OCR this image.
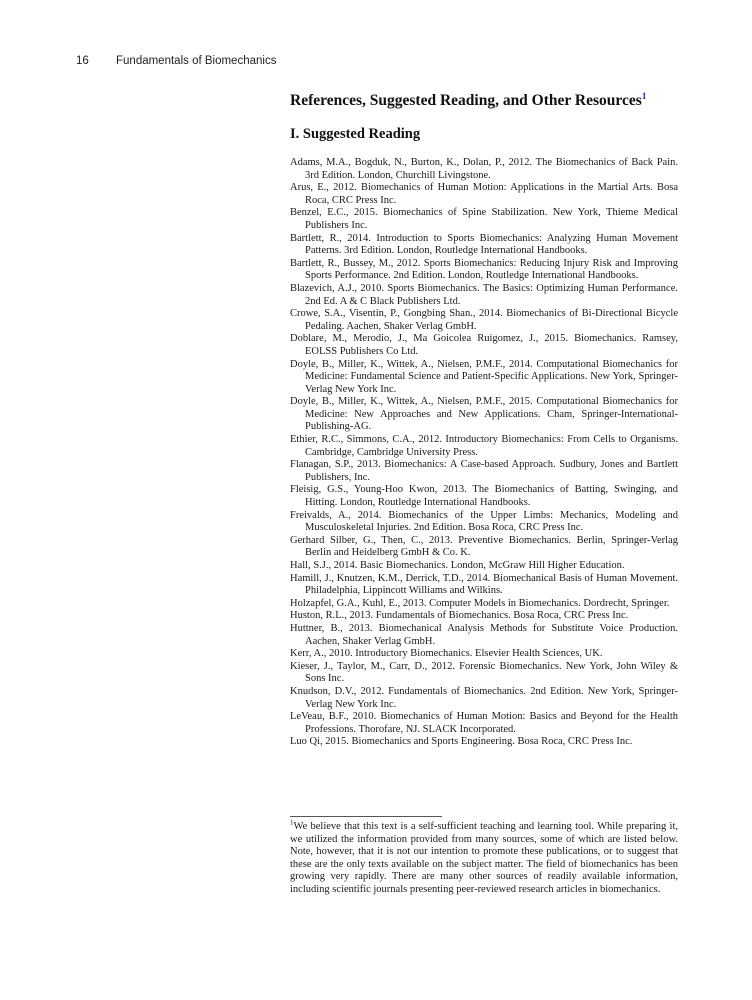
16 Fundamentals of Biomechanics
References, Suggested Reading, and Other Resources$^1$
I. Suggested Reading
Adams, M.A., Bogduk, N., Burton, K., Dolan, P., 2012. The Biomechanics of Back Pain. 3rd Edition. London, Churchill Livingstone.
Arus, E., 2012. Biomechanics of Human Motion: Applications in the Martial Arts. Bosa Roca, CRC Press Inc.
Benzel, E.C., 2015. Biomechanics of Spine Stabilization. New York, Thieme Medical Publishers Inc.
Bartlett, R., 2014. Introduction to Sports Biomechanics: Analyzing Human Movement Patterns. 3rd Edition. London, Routledge International Handbooks.
Bartlett, R., Bussey, M., 2012. Sports Biomechanics: Reducing Injury Risk and Improving Sports Performance. 2nd Edition. London, Routledge International Handbooks.
Blazevich, A.J., 2010. Sports Biomechanics. The Basics: Optimizing Human Performance. 2nd Ed. A & C Black Publishers Ltd.
Crowe, S.A., Visentin, P., Gongbing Shan., 2014. Biomechanics of Bi-Directional Bicycle Pedaling. Aachen, Shaker Verlag GmbH.
Doblare, M., Merodio, J., Ma Goicolea Ruigomez, J., 2015. Biomechanics. Ramsey, EOLSS Publishers Co Ltd.
Doyle, B., Miller, K., Wittek, A., Nielsen, P.M.F., 2014. Computational Biomechanics for Medicine: Fundamental Science and Patient-Specific Applications. New York, Springer-Verlag New York Inc.
Doyle, B., Miller, K., Wittek, A., Nielsen, P.M.F., 2015. Computational Biomechanics for Medicine: New Approaches and New Applications. Cham, Springer-International-Publishing-AG.
Ethier, R.C., Simmons, C.A., 2012. Introductory Biomechanics: From Cells to Organisms. Cambridge, Cambridge University Press.
Flanagan, S.P., 2013. Biomechanics: A Case-based Approach. Sudbury, Jones and Bartlett Publishers, Inc.
Fleisig, G.S., Young-Hoo Kwon, 2013. The Biomechanics of Batting, Swinging, and Hitting. London, Routledge International Handbooks.
Freivalds, A., 2014. Biomechanics of the Upper Limbs: Mechanics, Modeling and Musculoskeletal Injuries. 2nd Edition. Bosa Roca, CRC Press Inc.
Gerhard Silber, G., Then, C., 2013. Preventive Biomechanics. Berlin, Springer-Verlag Berlin and Heidelberg GmbH & Co. K.
Hall, S.J., 2014. Basic Biomechanics. London, McGraw Hill Higher Education.
Hamill, J., Knutzen, K.M., Derrick, T.D., 2014. Biomechanical Basis of Human Movement. Philadelphia, Lippincott Williams and Wilkins.
Holzapfel, G.A., Kuhl, E., 2013. Computer Models in Biomechanics. Dordrecht, Springer.
Huston, R.L., 2013. Fundamentals of Biomechanics. Bosa Roca, CRC Press Inc.
Huttner, B., 2013. Biomechanical Analysis Methods for Substitute Voice Production. Aachen, Shaker Verlag GmbH.
Kerr, A., 2010. Introductory Biomechanics. Elsevier Health Sciences, UK.
Kieser, J., Taylor, M., Carr, D., 2012. Forensic Biomechanics. New York, John Wiley & Sons Inc.
Knudson, D.V., 2012. Fundamentals of Biomechanics. 2nd Edition. New York, Springer-Verlag New York Inc.
LeVeau, B.F., 2010. Biomechanics of Human Motion: Basics and Beyond for the Health Professions. Thorofare, NJ. SLACK Incorporated.
Luo Qi, 2015. Biomechanics and Sports Engineering. Bosa Roca, CRC Press Inc.

$^1$We believe that this text is a self-sufficient teaching and learning tool. While preparing it, we utilized the information provided from many sources, some of which are listed below. Note, however, that it is not our intention to promote these publications, or to suggest that these are the only texts available on the subject matter. The field of biomechanics has been growing very rapidly. There are many other sources of readily available information, including scientific journals presenting peer-reviewed research articles in biomechanics.
